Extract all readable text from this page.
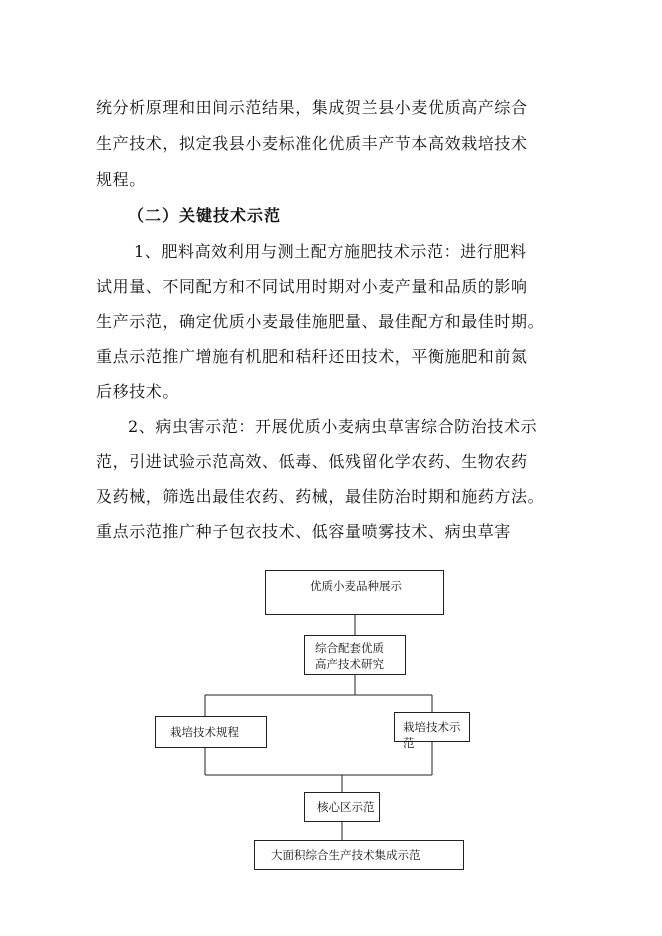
统分析原理和田间示范结果，集成贺兰县小麦优质高产综合
生产技术，拟定我县小麦标准化优质丰产节本高效栽培技术
规程。
（二）关键技术示范
1、肥料高效利用与测土配方施肥技术示范：进行肥料
试用量、不同配方和不同试用时期对小麦产量和品质的影响
生产示范，确定优质小麦最佳施肥量、最佳配方和最佳时期。
重点示范推广增施有机肥和秸秆还田技术，平衡施肥和前氮
后移技术。
2、病虫害示范：开展优质小麦病虫草害综合防治技术示
范，引进试验示范高效、低毒、低残留化学农药、生物农药
及药械，筛选出最佳农药、药械，最佳防治时期和施药方法。
重点示范推广种子包衣技术、低容量喷雾技术、病虫草害
优质小麦品种展示
综合配套优质
高产技术研究
栽培技术规程	栽培技术示范
核心区示范
大面积综合生产技术集成示范
